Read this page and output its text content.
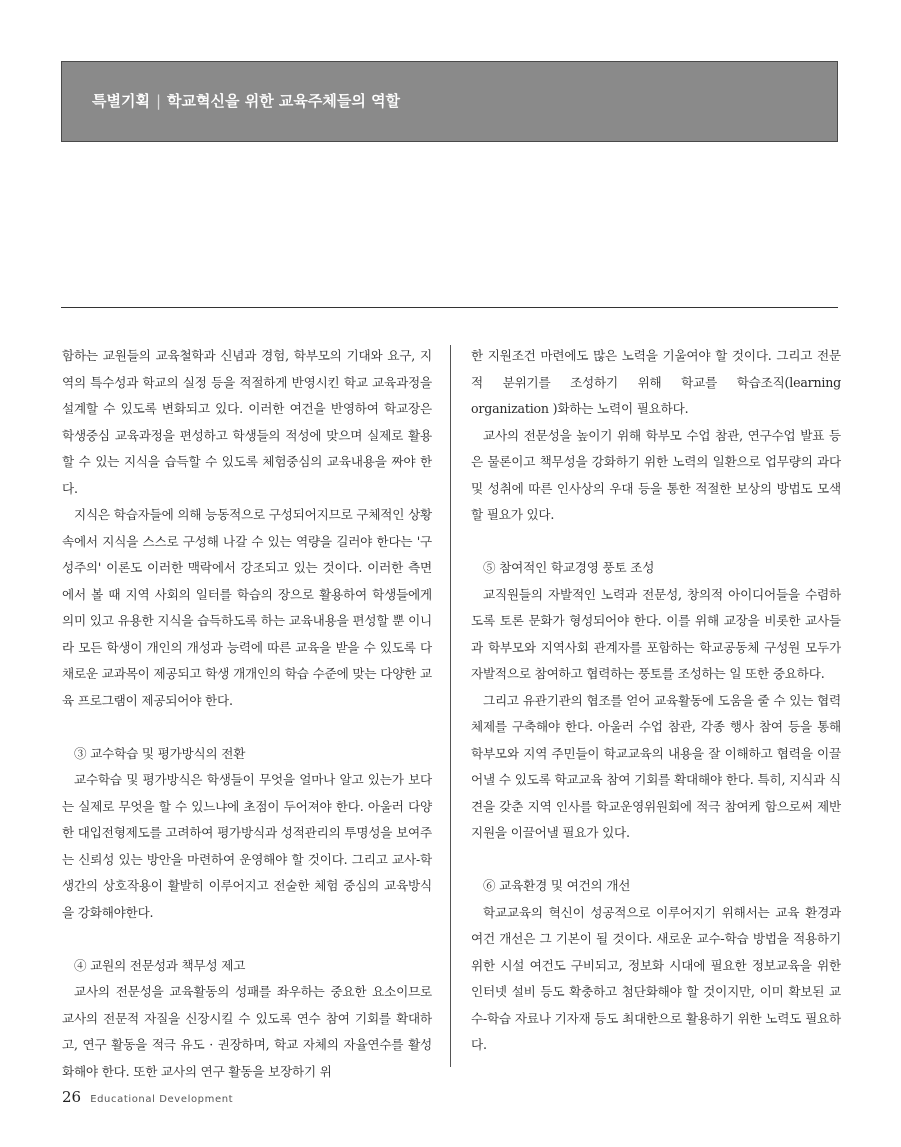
특별기획 | 학교혁신을 위한 교육주체들의 역할

함하는 교원들의 교육철학과 신념과 경험, 학부모의 기대와 요구, 지역의 특수성과 학교의 실정 등을 적절하게 반영시킨 학교 교육과정을 설계할 수 있도록 변화되고 있다. 이러한 여건을 반영하여 학교장은 학생중심 교육과정을 편성하고 학생들의 적성에 맞으며 실제로 활용할 수 있는 지식을 습득할 수 있도록 체험중심의 교육내용을 짜야 한다.

지식은 학습자들에 의해 능동적으로 구성되어지므로 구체적인 상황 속에서 지식을 스스로 구성해 나갈 수 있는 역량을 길러야 한다는 '구성주의' 이론도 이러한 맥락에서 강조되고 있는 것이다. 이러한 측면에서 볼 때 지역 사회의 일터를 학습의 장으로 활용하여 학생들에게 의미 있고 유용한 지식을 습득하도록 하는 교육내용을 편성할 뿐 이니라 모든 학생이 개인의 개성과 능력에 따른 교육을 받을 수 있도록 다채로운 교과목이 제공되고 학생 개개인의 학습 수준에 맞는 다양한 교육 프로그램이 제공되어야 한다.

③ 교수학습 및 평가방식의 전환

교수학습 및 평가방식은 학생들이 무엇을 얼마나 알고 있는가 보다는 실제로 무엇을 할 수 있느냐에 초점이 두어져야 한다. 아울러 다양한 대입전형제도를 고려하여 평가방식과 성적관리의 투명성을 보여주는 신뢰성 있는 방안을 마련하여 운영해야 할 것이다. 그리고 교사-학생간의 상호작용이 활발히 이루어지고 전술한 체험 중심의 교육방식을 강화해야한다.

④ 교원의 전문성과 책무성 제고

교사의 전문성을 교육활동의 성패를 좌우하는 중요한 요소이므로 교사의 전문적 자질을 신장시킬 수 있도록 연수 참여 기회를 확대하고, 연구 활동을 적극 유도 · 권장하며, 학교 자체의 자율연수를 활성화해야 한다. 또한 교사의 연구 활동을 보장하기 위

한 지원조건 마련에도 많은 노력을 기울여야 할 것이다. 그리고 전문적 분위기를 조성하기 위해 학교를 학습조직(learning organization )화하는 노력이 필요하다.

교사의 전문성을 높이기 위해 학부모 수업 참관, 연구수업 발표 등은 물론이고 책무성을 강화하기 위한 노력의 일환으로 업무량의 과다 및 성취에 따른 인사상의 우대 등을 통한 적절한 보상의 방법도 모색할 필요가 있다.

⑤ 참여적인 학교경영 풍토 조성

교직원들의 자발적인 노력과 전문성, 창의적 아이디어들을 수렴하도록 토론 문화가 형성되어야 한다. 이를 위해 교장을 비롯한 교사들과 학부모와 지역사회 관계자를 포함하는 학교공동체 구성원 모두가 자발적으로 참여하고 협력하는 풍토를 조성하는 일 또한 중요하다.

그리고 유관기관의 협조를 얻어 교육활동에 도움을 줄 수 있는 협력체제를 구축해야 한다. 아울러 수업 참관, 각종 행사 참여 등을 통해 학부모와 지역 주민들이 학교교육의 내용을 잘 이해하고 협력을 이끌어낼 수 있도록 학교교육 참여 기회를 확대해야 한다. 특히, 지식과 식견을 갖춘 지역 인사를 학교운영위원회에 적극 참여케 함으로써 제반지원을 이끌어낼 필요가 있다.

⑥ 교육환경 및 여건의 개선

학교교육의 혁신이 성공적으로 이루어지기 위해서는 교육 환경과 여건 개선은 그 기본이 될 것이다. 새로운 교수-학습 방법을 적용하기 위한 시설 여건도 구비되고, 정보화 시대에 필요한 정보교육을 위한 인터넷 설비 등도 확충하고 첨단화해야 할 것이지만, 이미 확보된 교수-학습 자료나 기자재 등도 최대한으로 활용하기 위한 노력도 필요하다.

26 Educational Development
